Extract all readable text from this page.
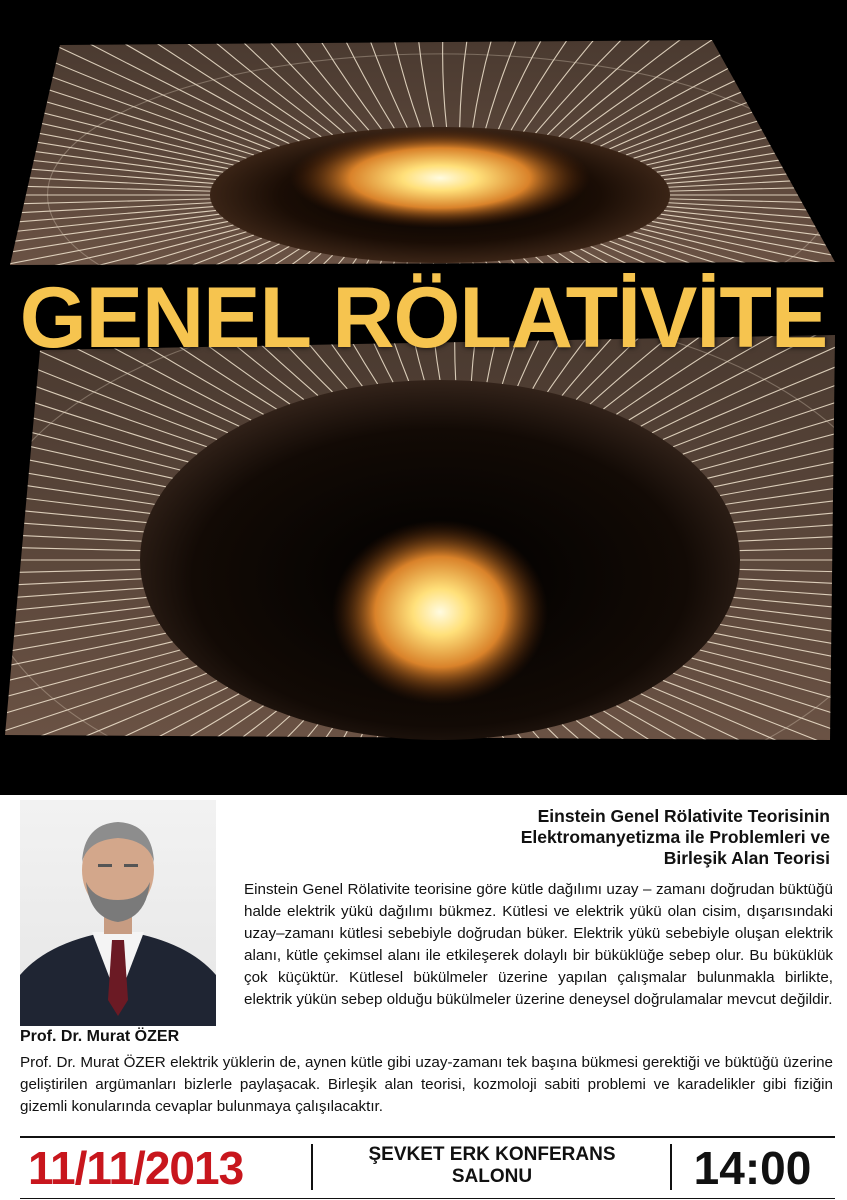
GENEL RÖLATİVİTE
Prof. Dr. Murat ÖZER
Einstein Genel Rölativite Teorisinin
Elektromanyetizma ile Problemleri ve
Birleşik Alan Teorisi
Einstein Genel Rölativite teorisine göre kütle dağılımı uzay – zamanı doğrudan büktüğü halde elektrik yükü dağılımı bükmez. Kütlesi ve elektrik yükü olan cisim, dışarısındaki uzay–zamanı kütlesi sebebiyle doğrudan büker. Elektrik yükü sebebiyle oluşan elektrik alanı, kütle çekimsel alanı ile etkileşerek dolaylı bir büküklüğe sebep olur. Bu büküklük çok küçüktür. Kütlesel bükülmeler üzerine yapılan çalışmalar bulunmakla birlikte, elektrik yükün sebep olduğu bükülmeler üzerine deneysel doğrulamalar mevcut değildir.
Prof. Dr. Murat ÖZER elektrik yüklerin de, aynen kütle gibi uzay-zamanı tek başına bükmesi gerektiği ve büktüğü üzerine geliştirilen argümanları bizlerle paylaşacak. Birleşik alan teorisi, kozmoloji sabiti problemi ve karadelikler gibi fiziğin gizemli konularında cevaplar bulunmaya çalışılacaktır.
11/11/2013	ŞEVKET ERK KONFERANS
SALONU	14:00
